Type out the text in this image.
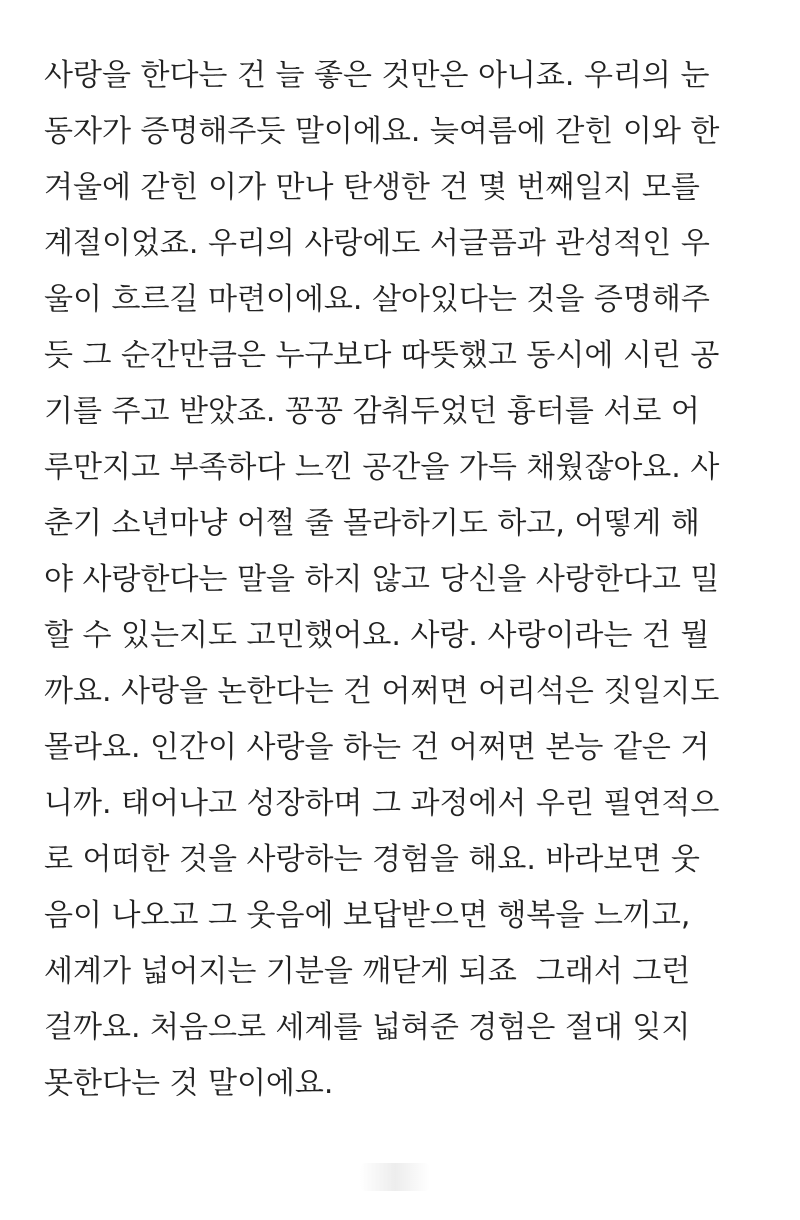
사랑을 한다는 건 늘 좋은 것만은 아니죠. 우리의 눈
동자가 증명해주듯 말이에요. 늦여름에 갇힌 이와 한
겨울에 갇힌 이가 만나 탄생한 건 몇 번째일지 모를
계절이었죠. 우리의 사랑에도 서글픔과 관성적인 우
울이 흐르길 마련이에요. 살아있다는 것을 증명해주
듯 그 순간만큼은 누구보다 따뜻했고 동시에 시린 공
기를 주고 받았죠. 꽁꽁 감춰두었던 흉터를 서로 어
루만지고 부족하다 느낀 공간을 가득 채웠잖아요. 사
춘기 소년마냥 어쩔 줄 몰라하기도 하고, 어떻게 해
야 사랑한다는 말을 하지 않고 당신을 사랑한다고 밀
할 수 있는지도 고민했어요. 사랑. 사랑이라는 건 뭘
까요. 사랑을 논한다는 건 어쩌면 어리석은 짓일지도
몰라요. 인간이 사랑을 하는 건 어쩌면 본능 같은 거
니까. 태어나고 성장하며 그 과정에서 우린 필연적으
로 어떠한 것을 사랑하는 경험을 해요. 바라보면 웃
음이 나오고 그 웃음에 보답받으면 행복을 느끼고,
세계가 넓어지는 기분을 깨닫게 되죠  그래서 그런
걸까요. 처음으로 세계를 넓혀준 경험은 절대 잊지
못한다는 것 말이에요.
